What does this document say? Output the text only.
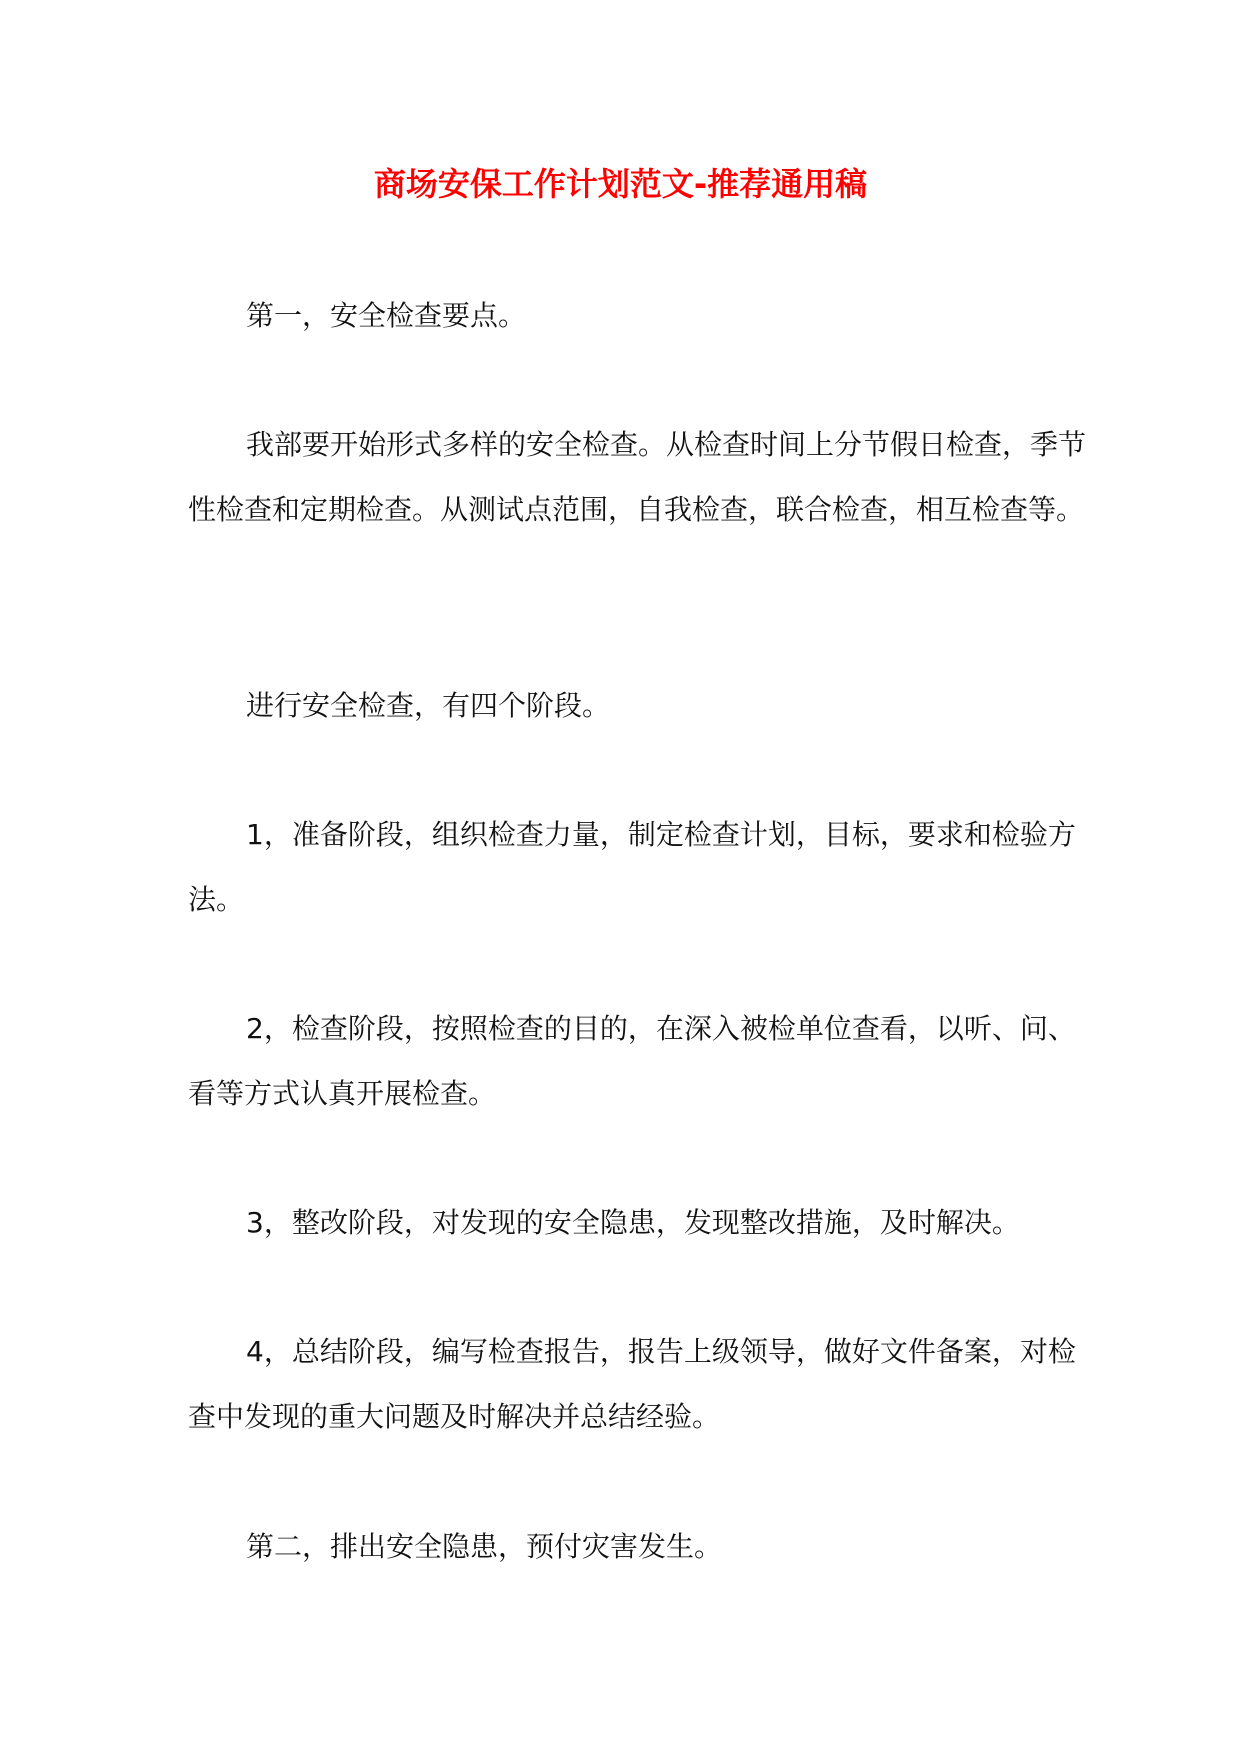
商场安保工作计划范文-推荐通用稿

第一，安全检查要点。

我部要开始形式多样的安全检查。从检查时间上分节假日检查，季节性检查和定期检查。从测试点范围，自我检查，联合检查，相互检查等。

进行安全检查，有四个阶段。

1，准备阶段，组织检查力量，制定检查计划，目标，要求和检验方法。

2，检查阶段，按照检查的目的，在深入被检单位查看，以听、问、看等方式认真开展检查。

3，整改阶段，对发现的安全隐患，发现整改措施，及时解决。

4，总结阶段，编写检查报告，报告上级领导，做好文件备案，对检查中发现的重大问题及时解决并总结经验。

第二，排出安全隐患，预付灾害发生。
